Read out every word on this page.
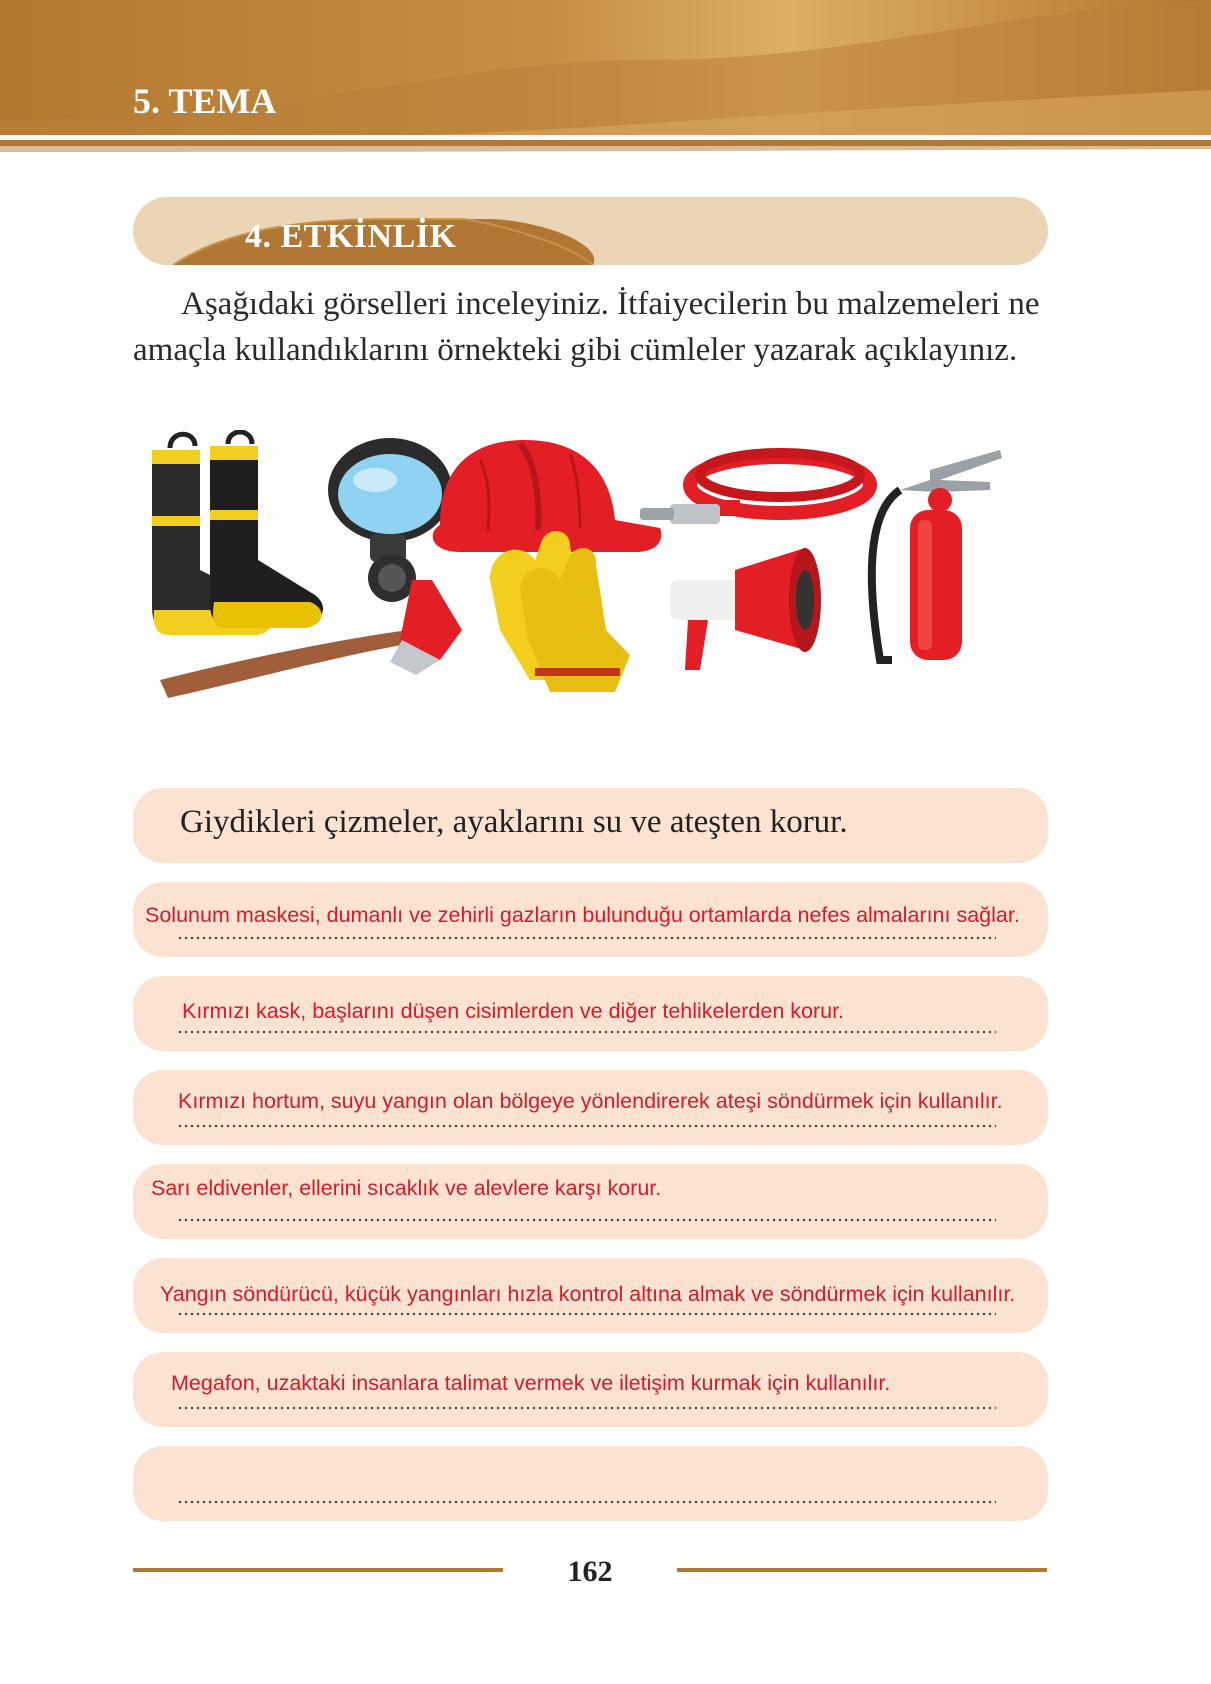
5. TEMA
4. ETKİNLİK

Aşağıdaki görselleri inceleyiniz. İtfaiyecilerin bu malzemeleri ne amaçla kullandıklarını örnekteki gibi cümleler yazarak açıklayınız.

Giydikleri çizmeler, ayaklarını su ve ateşten korur.
Solunum maskesi, dumanlı ve zehirli gazların bulunduğu ortamlarda nefes almalarını sağlar.
Kırmızı kask, başlarını düşen cisimlerden ve diğer tehlikelerden korur.
Kırmızı hortum, suyu yangın olan bölgeye yönlendirerek ateşi söndürmek için kullanılır.
Sarı eldivenler, ellerini sıcaklık ve alevlere karşı korur.
Yangın söndürücü, küçük yangınları hızla kontrol altına almak ve söndürmek için kullanılır.
Megafon, uzaktaki insanlara talimat vermek ve iletişim kurmak için kullanılır.
162
